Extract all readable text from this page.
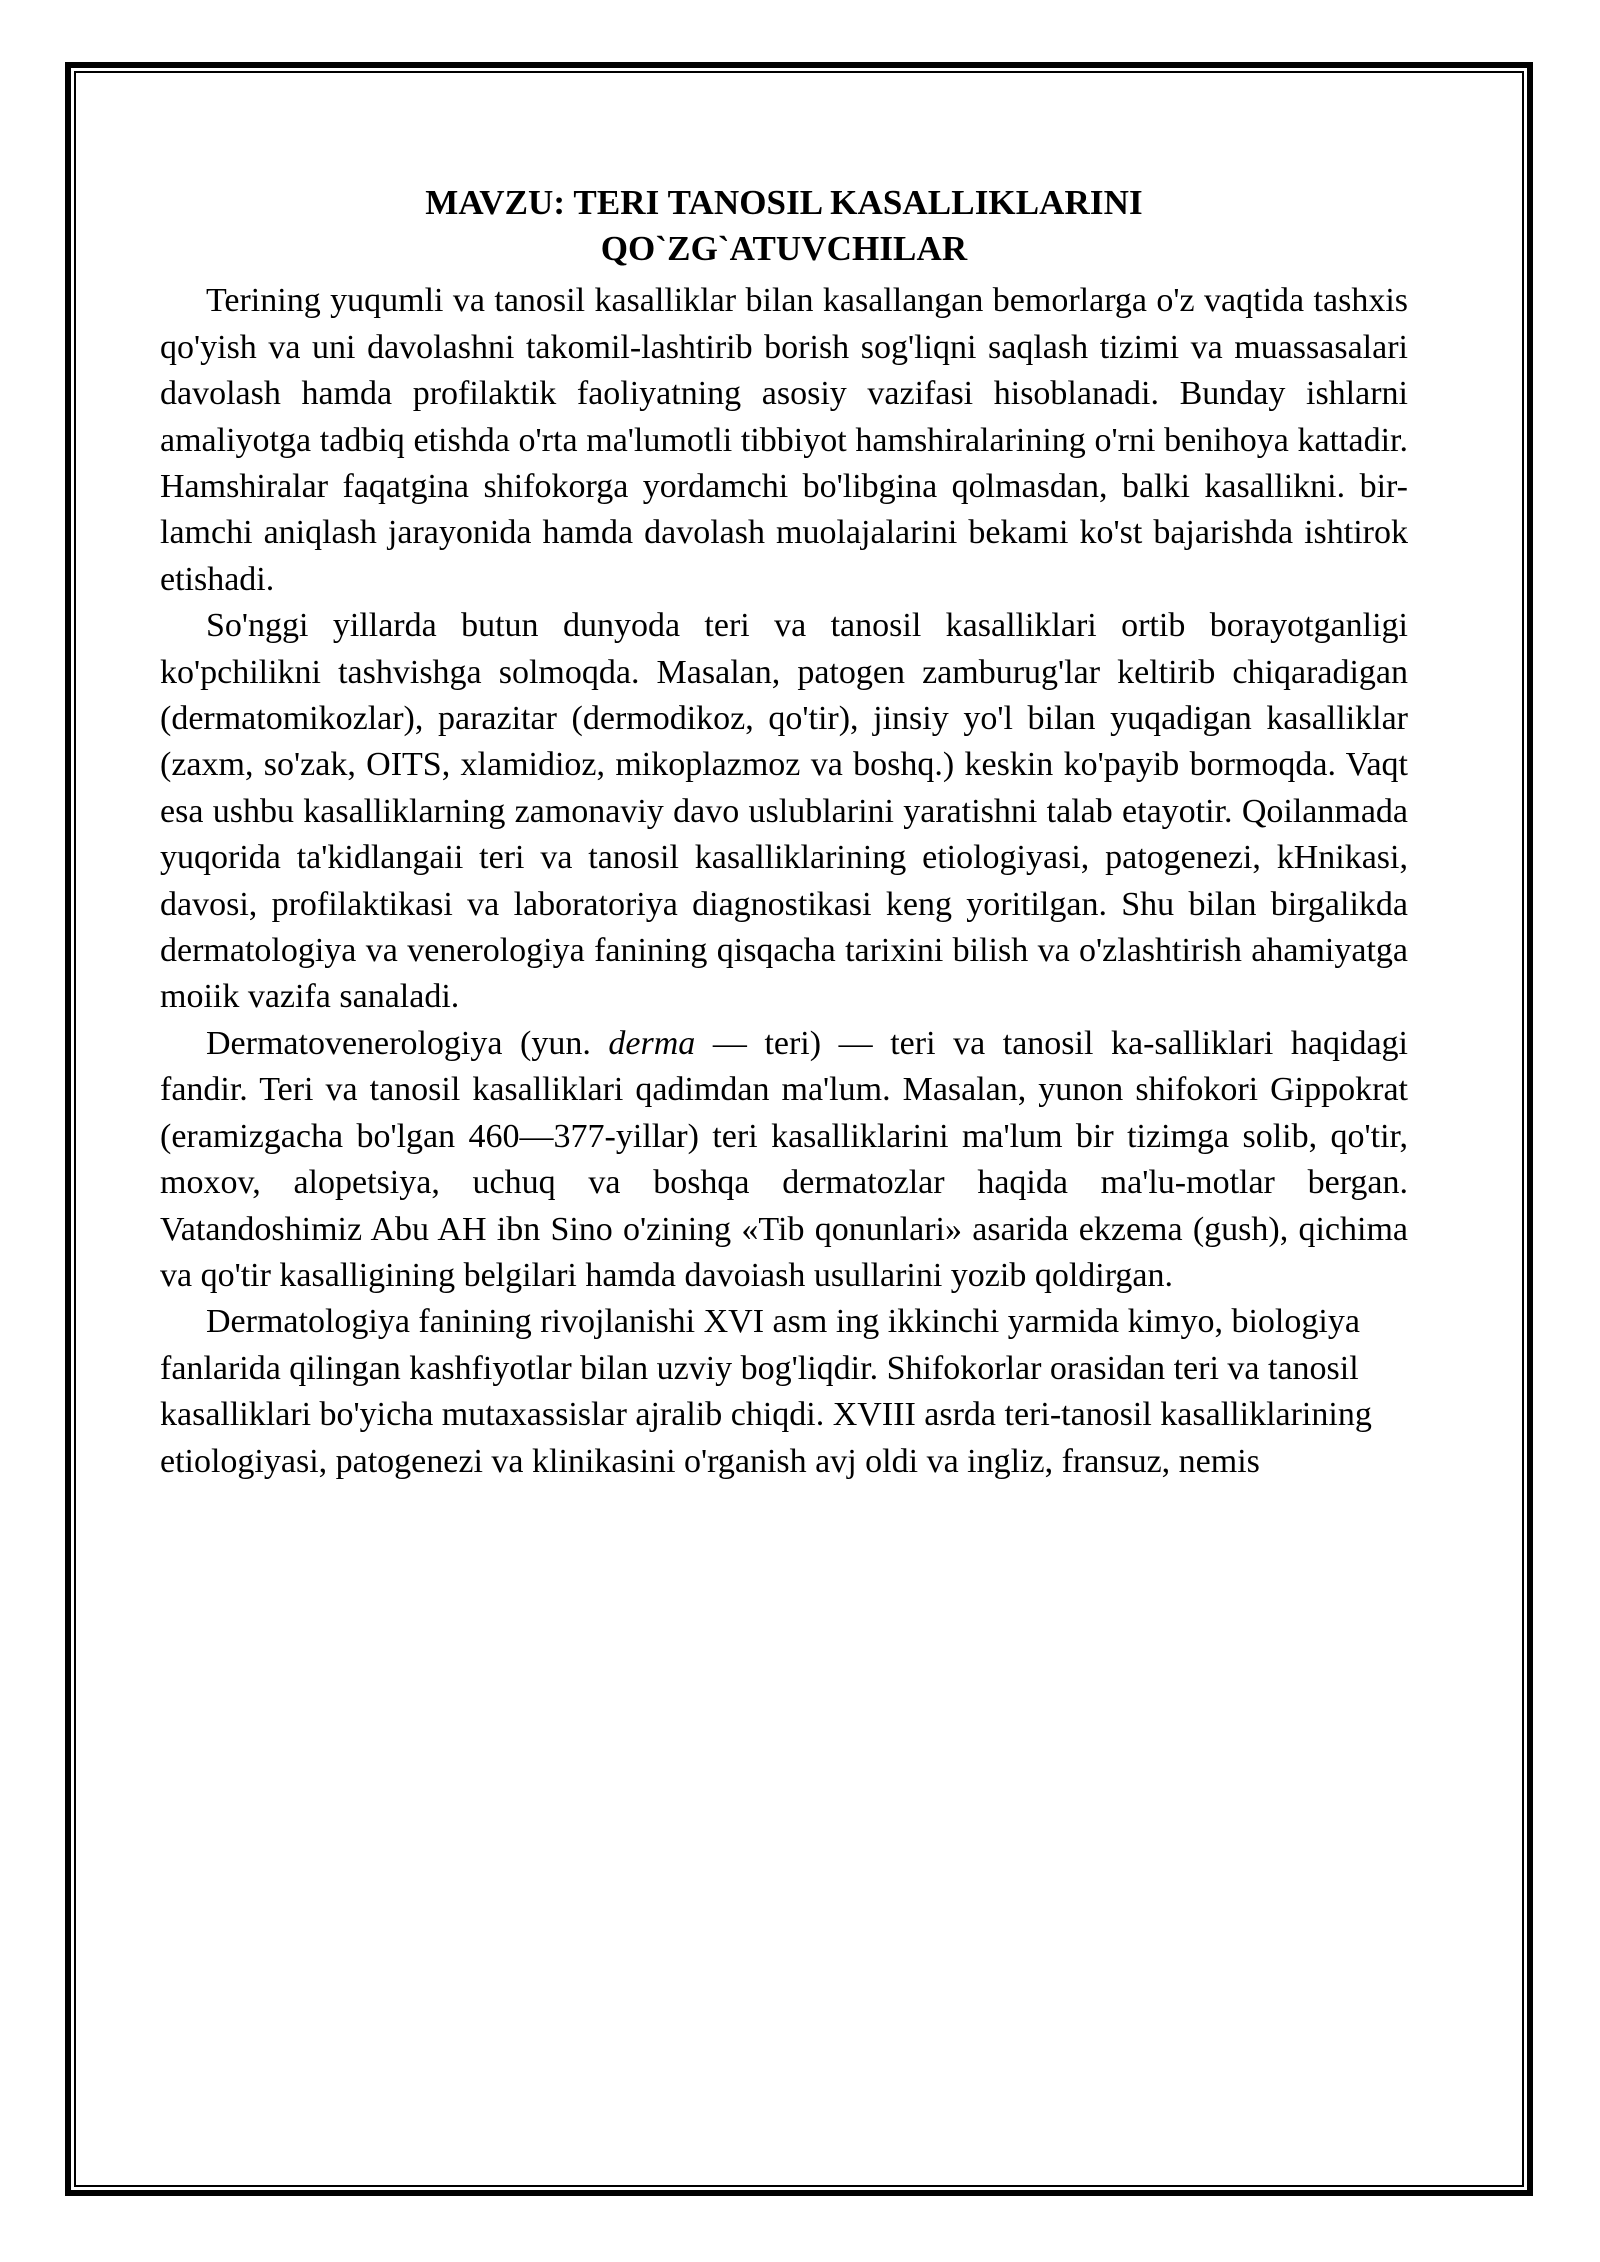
MAVZU: TERI TANOSIL KASALLIKLARINI
QO`ZG`ATUVCHILAR

Terining yuqumli va tanosil kasalliklar bilan kasallangan bemorlarga o'z vaqtida tashxis qo'yish va uni davolashni takomil-lashtirib borish sog'liqni saqlash tizimi va muassasalari davolash hamda profilaktik faoliyatning asosiy vazifasi hisoblanadi. Bunday ishlarni amaliyotga tadbiq etishda o'rta ma'lumotli tibbiyot hamshiralarining o'rni benihoya kattadir. Hamshiralar faqatgina shifokorga yordamchi bo'libgina qolmasdan, balki kasallikni. bir-lamchi aniqlash jarayonida hamda davolash muolajalarini bekami ko'st bajarishda ishtirok etishadi.

So'nggi yillarda butun dunyoda teri va tanosil kasalliklari ortib borayotganligi ko'pchilikni tashvishga solmoqda. Masalan, patogen zamburug'lar keltirib chiqaradigan (dermatomikozlar), parazitar (dermodikoz, qo'tir), jinsiy yo'l bilan yuqadigan kasalliklar (zaxm, so'zak, OITS, xlamidioz, mikoplazmoz va boshq.) keskin ko'payib bormoqda. Vaqt esa ushbu kasalliklarning zamonaviy davo uslublarini yaratishni talab etayotir. Qoilanmada yuqorida ta'kidlangaii teri va tanosil kasalliklarining etiologiyasi, patogenezi, kHnikasi, davosi, profilaktikasi va laboratoriya diagnostikasi keng yoritilgan. Shu bilan birgalikda dermatologiya va venerologiya fanining qisqacha tarixini bilish va o'zlashtirish ahamiyatga moiik vazifa sanaladi.

Dermatovenerologiya (yun. derma — teri) — teri va tanosil ka-salliklari haqidagi fandir. Teri va tanosil kasalliklari qadimdan ma'lum. Masalan, yunon shifokori Gippokrat (eramizgacha bo'lgan 460—377-yillar) teri kasalliklarini ma'lum bir tizimga solib, qo'tir, moxov, alopetsiya, uchuq va boshqa dermatozlar haqida ma'lu-motlar bergan. Vatandoshimiz Abu AH ibn Sino o'zining «Tib qonunlari» asarida ekzema (gush), qichima va qo'tir kasalligining belgilari hamda davoiash usullarini yozib qoldirgan.

Dermatologiya fanining rivojlanishi XVI asm ing ikkinchi yarmida kimyo, biologiya fanlarida qilingan kashfiyotlar bilan uzviy bog'liqdir. Shifokorlar orasidan teri va tanosil kasalliklari bo'yicha mutaxassislar ajralib chiqdi. XVIII asrda teri-tanosil kasalliklarining etiologiyasi, patogenezi va klinikasini o'rganish avj oldi va ingliz, fransuz, nemis
